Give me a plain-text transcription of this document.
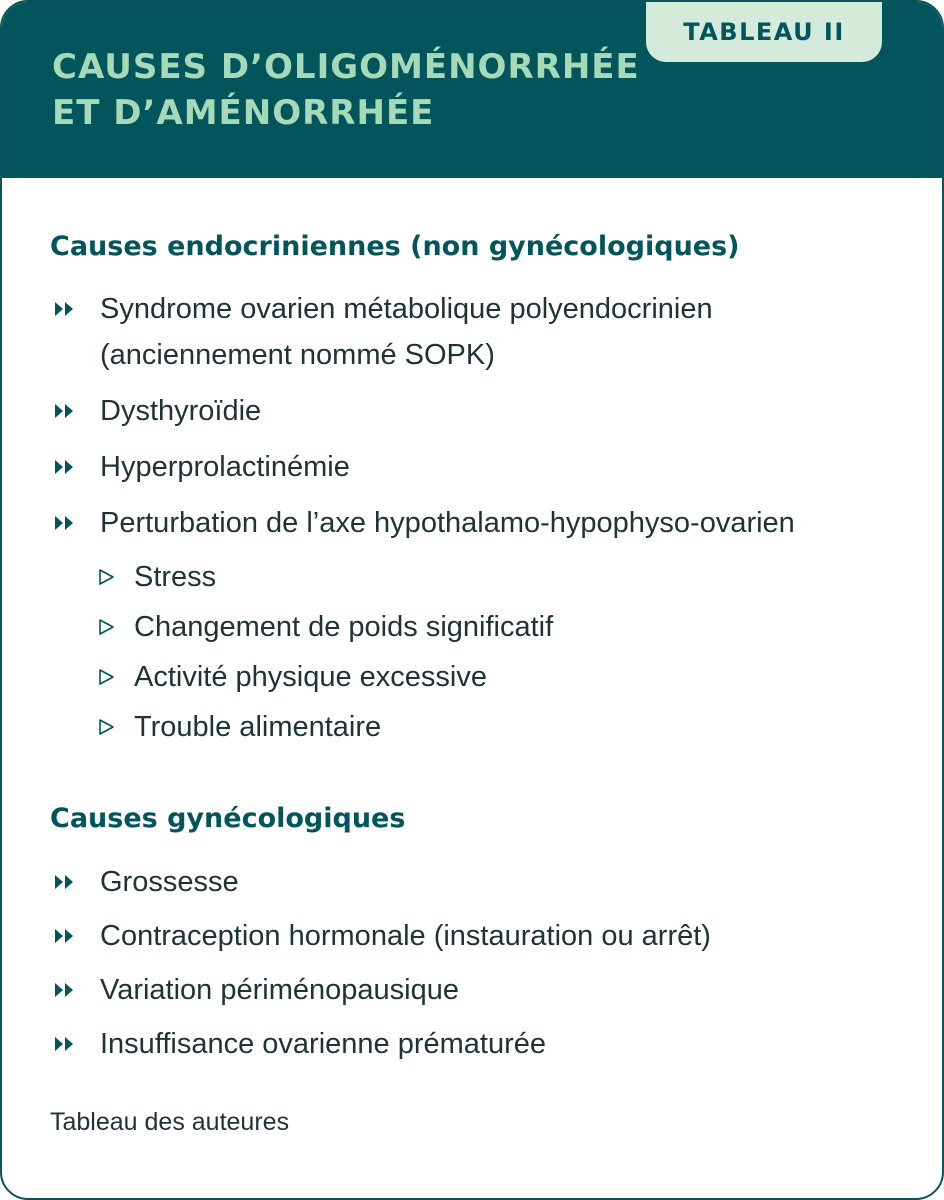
CAUSES D’OLIGOMÉNORRHÉE
ET D’AMÉNORRHÉE
TABLEAU II
Causes endocriniennes (non gynécologiques)
Syndrome ovarien métabolique polyendocrinien
(anciennement nommé SOPK)
Dysthyroïdie
Hyperprolactinémie
Perturbation de l’axe hypothalamo-hypophyso-ovarien
Stress
Changement de poids significatif
Activité physique excessive
Trouble alimentaire
Causes gynécologiques
Grossesse
Contraception hormonale (instauration ou arrêt)
Variation périménopausique
Insuffisance ovarienne prématurée

Tableau des auteures
